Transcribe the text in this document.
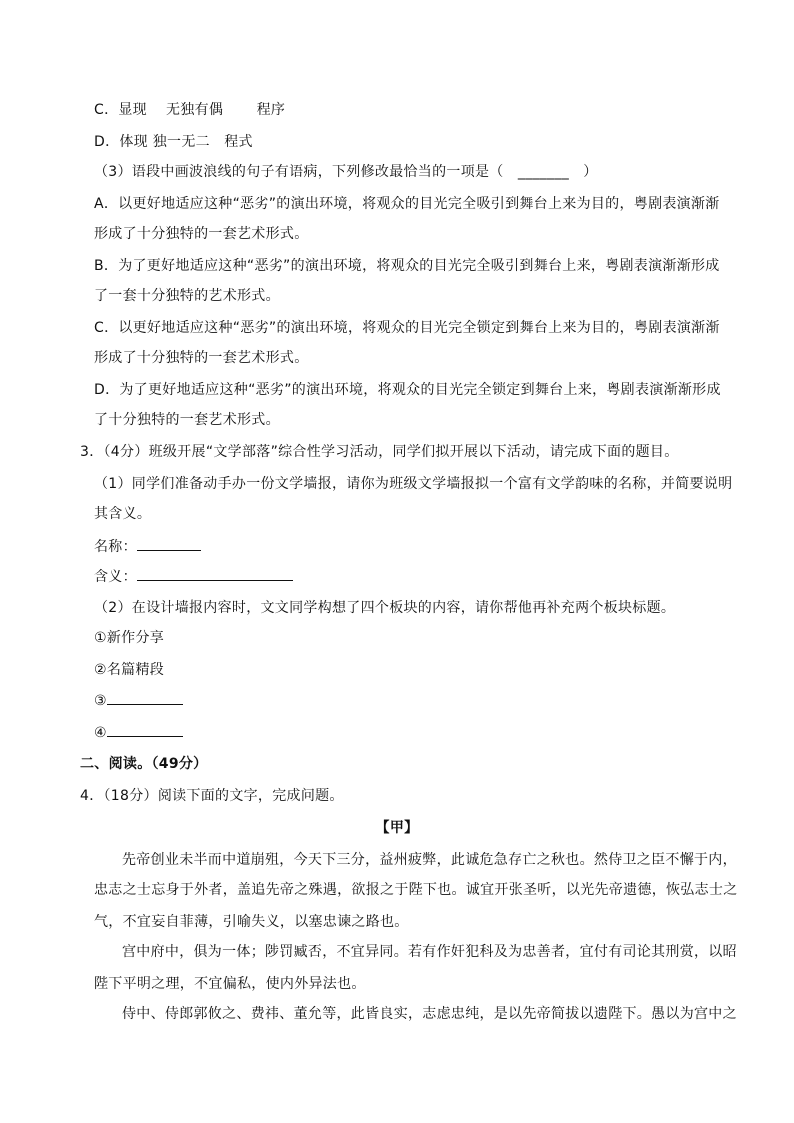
C．显现　 无独有偶　　 程序
D．体现 独一无二　程式
（3）语段中画波浪线的句子有语病，下列修改最恰当的一项是（　_______　）
A．以更好地适应这种“恶劣”的演出环境，将观众的目光完全吸引到舞台上来为目的，粤剧表演渐渐
形成了十分独特的一套艺术形式。
B．为了更好地适应这种“恶劣”的演出环境，将观众的目光完全吸引到舞台上来，粤剧表演渐渐形成
了一套十分独特的艺术形式。
C．以更好地适应这种“恶劣”的演出环境，将观众的目光完全锁定到舞台上来为目的，粤剧表演渐渐
形成了十分独特的一套艺术形式。
D．为了更好地适应这种“恶劣”的演出环境，将观众的目光完全锁定到舞台上来，粤剧表演渐渐形成
了十分独特的一套艺术形式。
3．（4分）班级开展“文学部落”综合性学习活动，同学们拟开展以下活动，请完成下面的题目。
（1）同学们准备动手办一份文学墙报，请你为班级文学墙报拟一个富有文学韵味的名称，并简要说明
其含义。
名称：
含义：
（2）在设计墙报内容时，文文同学构想了四个板块的内容，请你帮他再补充两个板块标题。
①新作分享
②名篇精段
③
④
二、阅读。（49分）
4．（18分）阅读下面的文字，完成问题。
【甲】
先帝创业未半而中道崩殂，今天下三分，益州疲弊，此诚危急存亡之秋也。然侍卫之臣不懈于内，
忠志之士忘身于外者，盖追先帝之殊遇，欲报之于陛下也。诚宜开张圣听，以光先帝遗德，恢弘志士之
气，不宜妄自菲薄，引喻失义，以塞忠谏之路也。
宫中府中，俱为一体；陟罚臧否，不宜异同。若有作奸犯科及为忠善者，宜付有司论其刑赏，以昭
陛下平明之理，不宜偏私，使内外异法也。
侍中、侍郎郭攸之、费祎、董允等，此皆良实，志虑忠纯，是以先帝简拔以遗陛下。愚以为宫中之
